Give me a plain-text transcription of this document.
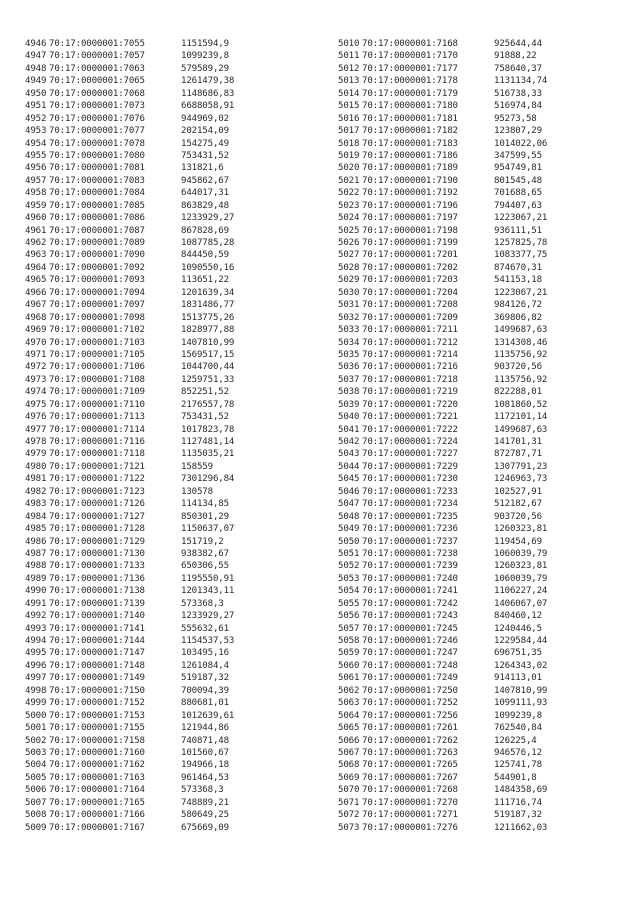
4946 70:17:0000001:7055	1151594,9
4947 70:17:0000001:7057	1099239,8
4948 70:17:0000001:7063	579589,29
4949 70:17:0000001:7065	1261479,38
4950 70:17:0000001:7068	1148686,83
4951 70:17:0000001:7073	6688058,91
4952 70:17:0000001:7076	944969,02
4953 70:17:0000001:7077	202154,09
4954 70:17:0000001:7078	154275,49
4955 70:17:0000001:7080	753431,52
4956 70:17:0000001:7081	131821,6
4957 70:17:0000001:7083	945862,67
4958 70:17:0000001:7084	644017,31
4959 70:17:0000001:7085	863829,48
4960 70:17:0000001:7086	1233929,27
4961 70:17:0000001:7087	867828,69
4962 70:17:0000001:7089	1087785,28
4963 70:17:0000001:7090	844450,59
4964 70:17:0000001:7092	1090550,16
4965 70:17:0000001:7093	113651,22
4966 70:17:0000001:7094	1201639,34
4967 70:17:0000001:7097	1831486,77
4968 70:17:0000001:7098	1513775,26
4969 70:17:0000001:7102	1828977,88
4970 70:17:0000001:7103	1407810,99
4971 70:17:0000001:7105	1569517,15
4972 70:17:0000001:7106	1044700,44
4973 70:17:0000001:7108	1259751,33
4974 70:17:0000001:7109	852251,52
4975 70:17:0000001:7110	2176557,78
4976 70:17:0000001:7113	753431,52
4977 70:17:0000001:7114	1017823,78
4978 70:17:0000001:7116	1127481,14
4979 70:17:0000001:7118	1135035,21
4980 70:17:0000001:7121	158559
4981 70:17:0000001:7122	7301296,84
4982 70:17:0000001:7123	130578
4983 70:17:0000001:7126	114134,85
4984 70:17:0000001:7127	850301,29
4985 70:17:0000001:7128	1150637,07
4986 70:17:0000001:7129	151719,2
4987 70:17:0000001:7130	938382,67
4988 70:17:0000001:7133	650306,55
4989 70:17:0000001:7136	1195550,91
4990 70:17:0000001:7138	1201343,11
4991 70:17:0000001:7139	573368,3
4992 70:17:0000001:7140	1233929,27
4993 70:17:0000001:7141	555632,61
4994 70:17:0000001:7144	1154537,53
4995 70:17:0000001:7147	103495,16
4996 70:17:0000001:7148	1261084,4
4997 70:17:0000001:7149	519187,32
4998 70:17:0000001:7150	700094,39
4999 70:17:0000001:7152	880681,01
5000 70:17:0000001:7153	1012639,61
5001 70:17:0000001:7155	121944,86
5002 70:17:0000001:7158	740871,48
5003 70:17:0000001:7160	101560,67
5004 70:17:0000001:7162	194966,18
5005 70:17:0000001:7163	961464,53
5006 70:17:0000001:7164	573368,3
5007 70:17:0000001:7165	748889,21
5008 70:17:0000001:7166	580649,25
5009 70:17:0000001:7167	675669,09
5010 70:17:0000001:7168	925644,44
5011 70:17:0000001:7170	91888,22
5012 70:17:0000001:7177	758640,37
5013 70:17:0000001:7178	1131134,74
5014 70:17:0000001:7179	516738,33
5015 70:17:0000001:7180	516974,84
5016 70:17:0000001:7181	95273,58
5017 70:17:0000001:7182	123807,29
5018 70:17:0000001:7183	1014022,06
5019 70:17:0000001:7186	347599,55
5020 70:17:0000001:7189	954749,81
5021 70:17:0000001:7190	801545,48
5022 70:17:0000001:7192	701688,65
5023 70:17:0000001:7196	794407,63
5024 70:17:0000001:7197	1223067,21
5025 70:17:0000001:7198	936111,51
5026 70:17:0000001:7199	1257825,78
5027 70:17:0000001:7201	1083377,75
5028 70:17:0000001:7202	874670,31
5029 70:17:0000001:7203	541153,18
5030 70:17:0000001:7204	1223067,21
5031 70:17:0000001:7208	984126,72
5032 70:17:0000001:7209	369806,82
5033 70:17:0000001:7211	1499687,63
5034 70:17:0000001:7212	1314308,46
5035 70:17:0000001:7214	1135756,92
5036 70:17:0000001:7216	903720,56
5037 70:17:0000001:7218	1135756,92
5038 70:17:0000001:7219	822288,01
5039 70:17:0000001:7220	1081860,52
5040 70:17:0000001:7221	1172101,14
5041 70:17:0000001:7222	1499687,63
5042 70:17:0000001:7224	141701,31
5043 70:17:0000001:7227	872787,71
5044 70:17:0000001:7229	1307791,23
5045 70:17:0000001:7230	1246963,73
5046 70:17:0000001:7233	102527,91
5047 70:17:0000001:7234	512182,67
5048 70:17:0000001:7235	903720,56
5049 70:17:0000001:7236	1260323,81
5050 70:17:0000001:7237	119454,69
5051 70:17:0000001:7238	1060039,79
5052 70:17:0000001:7239	1260323,81
5053 70:17:0000001:7240	1060039,79
5054 70:17:0000001:7241	1106227,24
5055 70:17:0000001:7242	1406067,07
5056 70:17:0000001:7243	840460,12
5057 70:17:0000001:7245	1240446,5
5058 70:17:0000001:7246	1229584,44
5059 70:17:0000001:7247	696751,35
5060 70:17:0000001:7248	1264343,02
5061 70:17:0000001:7249	914113,01
5062 70:17:0000001:7250	1407810,99
5063 70:17:0000001:7252	1099111,93
5064 70:17:0000001:7256	1099239,8
5065 70:17:0000001:7261	762540,84
5066 70:17:0000001:7262	126225,4
5067 70:17:0000001:7263	946576,12
5068 70:17:0000001:7265	125741,78
5069 70:17:0000001:7267	544901,8
5070 70:17:0000001:7268	1484358,69
5071 70:17:0000001:7270	111716,74
5072 70:17:0000001:7271	519187,32
5073 70:17:0000001:7276	1211662,03
